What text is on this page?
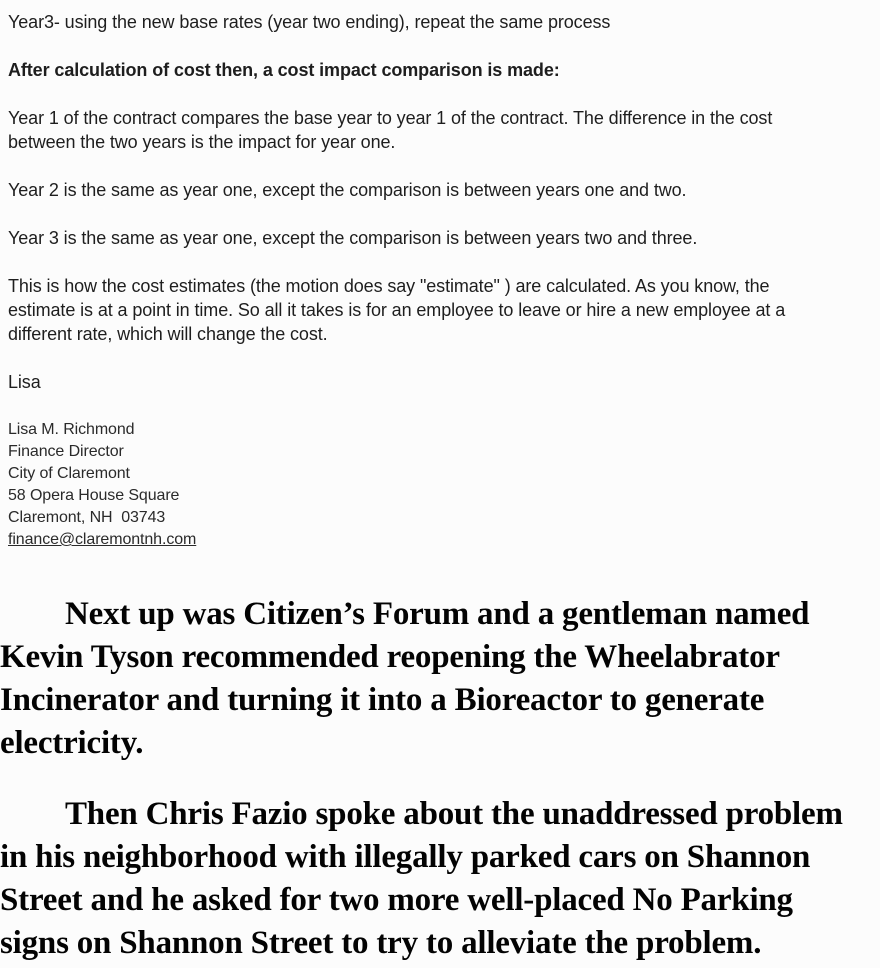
Year3- using the new base rates (year two ending), repeat the same process
After calculation of cost then, a cost impact comparison is made:
Year 1 of the contract compares the base year to year 1 of the contract. The difference in the cost
between the two years is the impact for year one.
Year 2 is the same as year one, except the comparison is between years one and two.
Year 3 is the same as year one, except the comparison is between years two and three.
This is how the cost estimates (the motion does say "estimate" ) are calculated. As you know, the
estimate is at a point in time. So all it takes is for an employee to leave or hire a new employee at a
different rate, which will change the cost.
Lisa
Lisa M. Richmond
Finance Director
City of Claremont
58 Opera House Square
Claremont, NH  03743
finance@claremontnh.com
Next up was Citizen’s Forum and a gentleman named
Kevin Tyson recommended reopening the Wheelabrator
Incinerator and turning it into a Bioreactor to generate
electricity.
Then Chris Fazio spoke about the unaddressed problem
in his neighborhood with illegally parked cars on Shannon
Street and he asked for two more well-placed No Parking
signs on Shannon Street to try to alleviate the problem.
